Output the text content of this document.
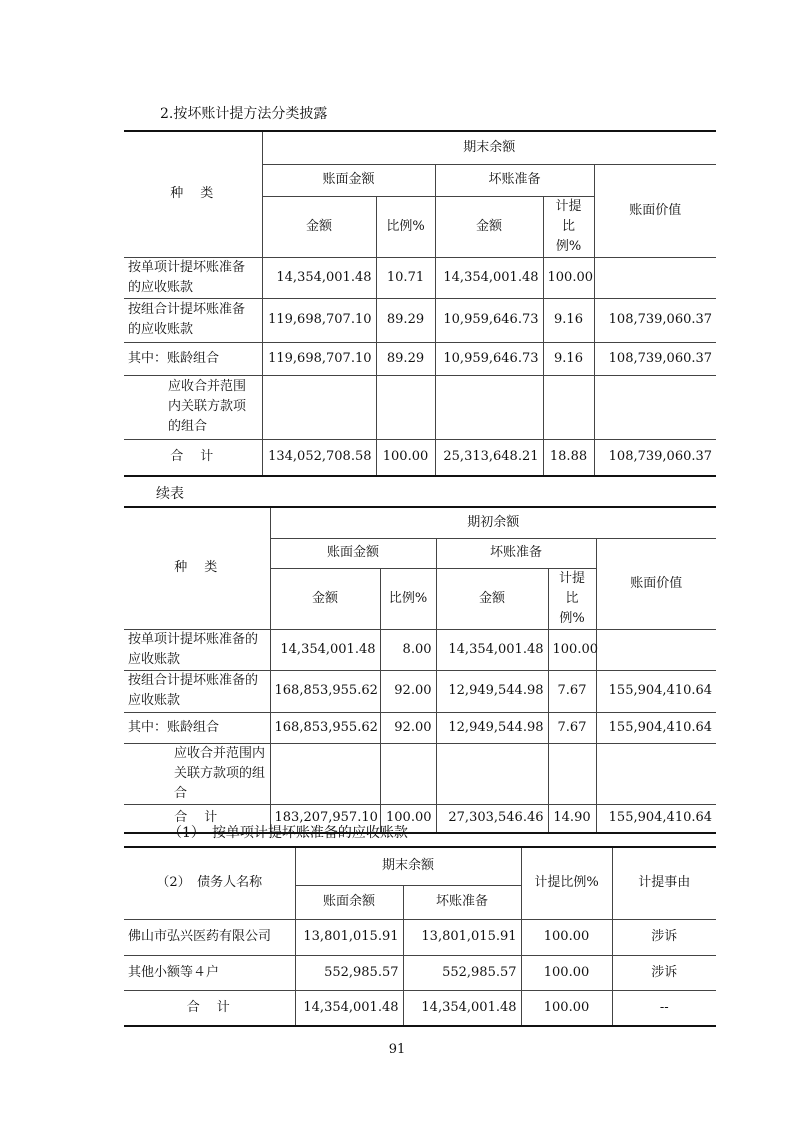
2.按坏账计提方法分类披露
种　类	期末余额				
	账面金额		坏账准备		账面价值
	金额	比例%	金额	计提比例%	
按单项计提坏账准备的应收账款	14,354,001.48	10.71	14,354,001.48	100.00	
按组合计提坏账准备的应收账款	119,698,707.10	89.29	10,959,646.73	9.16	108,739,060.37
其中：账龄组合	119,698,707.10	89.29	10,959,646.73	9.16	108,739,060.37
应收合并范围内关联方款项的组合					
合　计	134,052,708.58	100.00	25,313,648.21	18.88	108,739,060.37
续表
种　类	期初余额				
	账面金额		坏账准备		账面价值
	金额	比例%	金额	计提比例%	
按单项计提坏账准备的应收账款	14,354,001.48	8.00	14,354,001.48	100.00	
按组合计提坏账准备的应收账款	168,853,955.62	92.00	12,949,544.98	7.67	155,904,410.64
其中：账龄组合	168,853,955.62	92.00	12,949,544.98	7.67	155,904,410.64
应收合并范围内关联方款项的组合					
合　计	183,207,957.10	100.00	27,303,546.46	14.90	155,904,410.64
（1）　按单项计提坏账准备的应收账款
（2）　债务人名称	期末余额		计提比例%	计提事由
	账面余额	坏账准备		
佛山市弘兴医药有限公司	13,801,015.91	13,801,015.91	100.00	涉诉
其他小额等４户	552,985.57	552,985.57	100.00	涉诉
合　计	14,354,001.48	14,354,001.48	100.00	--
91
